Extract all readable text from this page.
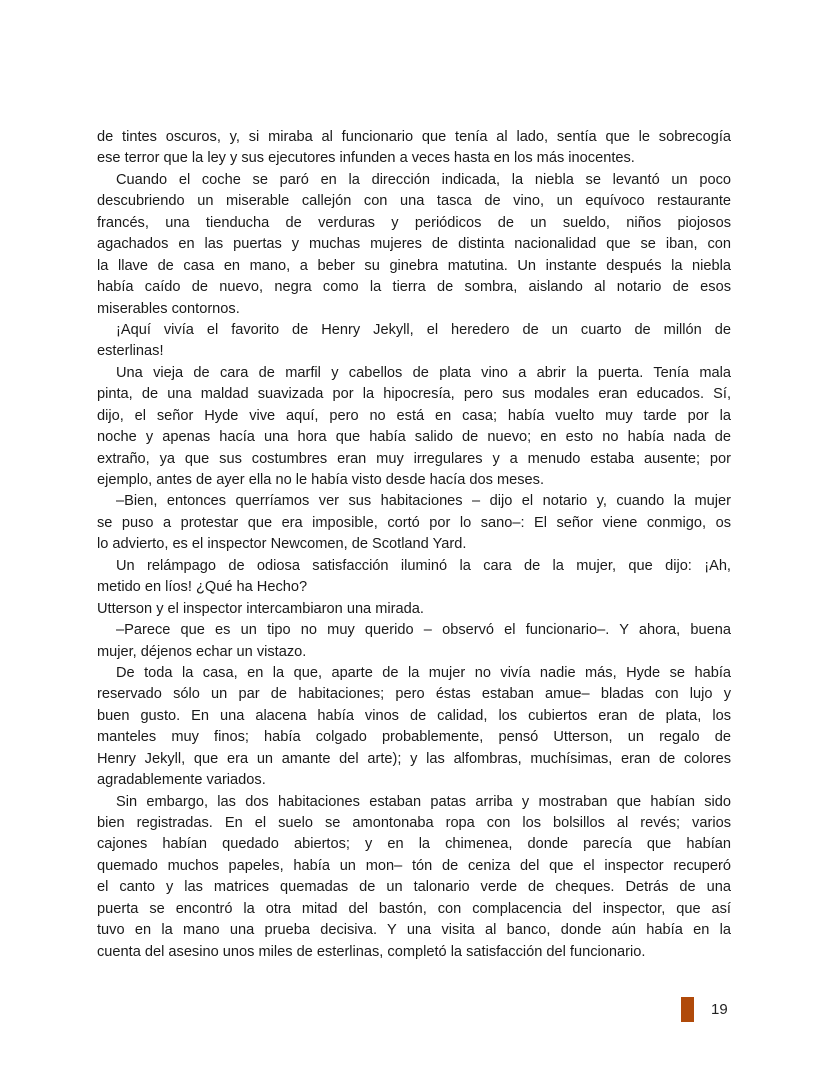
de tintes oscuros, y, si miraba al funcionario que tenía al lado, sentía que le sobrecogía
ese terror que la ley y sus ejecutores infunden a veces hasta en los más inocentes.
Cuando el coche se paró en la dirección indicada, la niebla se levantó un poco
descubriendo un miserable callejón con una tasca de vino, un equívoco restaurante
francés, una tienducha de verduras y periódicos de un sueldo, niños piojosos
agachados en las puertas y muchas mujeres de distinta nacionalidad que se iban, con
la llave de casa en mano, a beber su ginebra matutina. Un instante después la niebla
había caído de nuevo, negra como la tierra de sombra, aislando al notario de esos
miserables contornos.
¡Aquí vivía el favorito de Henry Jekyll, el heredero de un cuarto de millón de
esterlinas!
Una vieja de cara de marfil y cabellos de plata vino a abrir la puerta. Tenía mala
pinta, de una maldad suavizada por la hipocresía, pero sus modales eran educados. Sí,
dijo, el señor Hyde vive aquí, pero no está en casa; había vuelto muy tarde por la
noche y apenas hacía una hora que había salido de nuevo; en esto no había nada de
extraño, ya que sus costumbres eran muy irregulares y a menudo estaba ausente; por
ejemplo, antes de ayer ella no le había visto desde hacía dos meses.
–Bien, entonces querríamos ver sus habitaciones – dijo el notario y, cuando la mujer
se puso a protestar que era imposible, cortó por lo sano–: El señor viene conmigo, os
lo advierto, es el inspector Newcomen, de Scotland Yard.
Un relámpago de odiosa satisfacción iluminó la cara de la mujer, que dijo: ¡Ah,
metido en líos! ¿Qué ha Hecho?
Utterson y el inspector intercambiaron una mirada.
–Parece que es un tipo no muy querido – observó el funcionario–. Y ahora, buena
mujer, déjenos echar un vistazo.
De toda la casa, en la que, aparte de la mujer no vivía nadie más, Hyde se había
reservado sólo un par de habitaciones; pero éstas estaban amue– bladas con lujo y
buen gusto. En una alacena había vinos de calidad, los cubiertos eran de plata, los
manteles muy finos; había colgado probablemente, pensó Utterson, un regalo de
Henry Jekyll, que era un amante del arte); y las alfombras, muchísimas, eran de colores
agradablemente variados.
Sin embargo, las dos habitaciones estaban patas arriba y mostraban que habían sido
bien registradas. En el suelo se amontonaba ropa con los bolsillos al revés; varios
cajones habían quedado abiertos; y en la chimenea, donde parecía que habían
quemado muchos papeles, había un mon– tón de ceniza del que el inspector recuperó
el canto y las matrices quemadas de un talonario verde de cheques. Detrás de una
puerta se encontró la otra mitad del bastón, con complacencia del inspector, que así
tuvo en la mano una prueba decisiva. Y una visita al banco, donde aún había en la
cuenta del asesino unos miles de esterlinas, completó la satisfacción del funcionario.
19
